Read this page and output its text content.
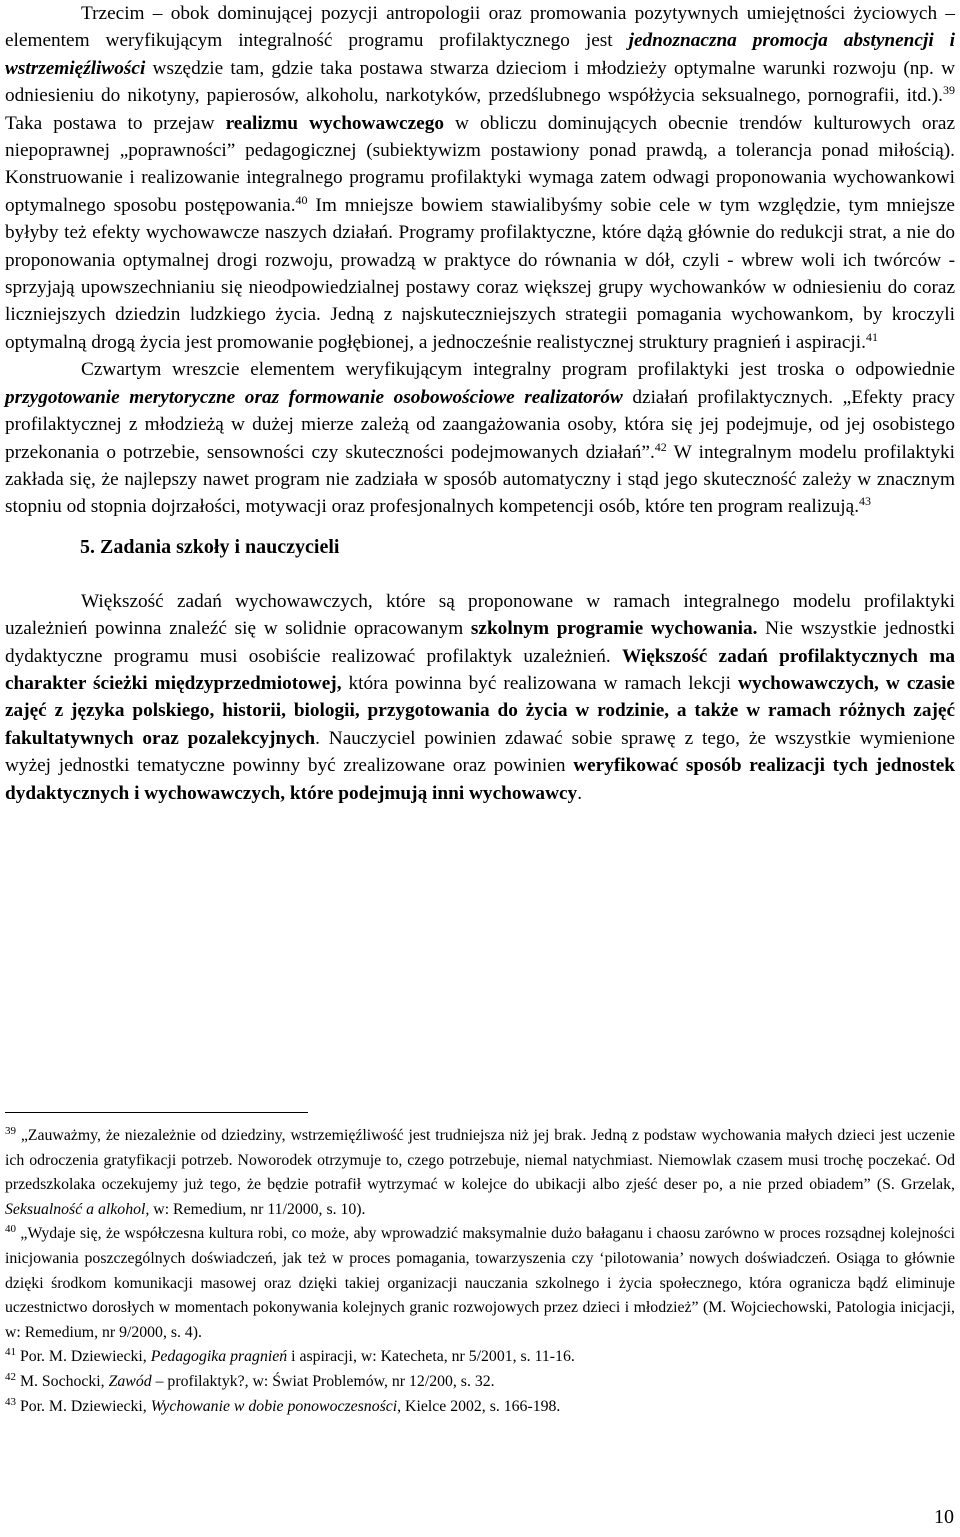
Trzecim – obok dominującej pozycji antropologii oraz promowania pozytywnych umiejętności życiowych – elementem weryfikującym integralność programu profilaktycznego jest jednoznaczna promocja abstynencji i wstrzemięźliwości wszędzie tam, gdzie taka postawa stwarza dzieciom i młodzieży optymalne warunki rozwoju (np. w odniesieniu do nikotyny, papierosów, alkoholu, narkotyków, przedślubnego współżycia seksualnego, pornografii, itd.).$^{39}$ Taka postawa to przejaw realizmu wychowawczego w obliczu dominujących obecnie trendów kulturowych oraz niepoprawnej „poprawności” pedagogicznej (subiektywizm postawiony ponad prawdą, a tolerancja ponad miłością). Konstruowanie i realizowanie integralnego programu profilaktyki wymaga zatem odwagi proponowania wychowankowi optymalnego sposobu postępowania.$^{40}$ Im mniejsze bowiem stawialibyśmy sobie cele w tym względzie, tym mniejsze byłyby też efekty wychowawcze naszych działań. Programy profilaktyczne, które dążą głównie do redukcji strat, a nie do proponowania optymalnej drogi rozwoju, prowadzą w praktyce do równania w dół, czyli - wbrew woli ich twórców - sprzyjają upowszechnianiu się nieodpowiedzialnej postawy coraz większej grupy wychowanków w odniesieniu do coraz liczniejszych dziedzin ludzkiego życia. Jedną z najskuteczniejszych strategii pomagania wychowankom, by kroczyli optymalną drogą życia jest promowanie pogłębionej, a jednocześnie realistycznej struktury pragnień i aspiracji.$^{41}$

Czwartym wreszcie elementem weryfikującym integralny program profilaktyki jest troska o odpowiednie przygotowanie merytoryczne oraz formowanie osobowościowe realizatorów działań profilaktycznych. „Efekty pracy profilaktycznej z młodzieżą w dużej mierze zależą od zaangażowania osoby, która się jej podejmuje, od jej osobistego przekonania o potrzebie, sensowności czy skuteczności podejmowanych działań”.$^{42}$ W integralnym modelu profilaktyki zakłada się, że najlepszy nawet program nie zadziała w sposób automatyczny i stąd jego skuteczność zależy w znacznym stopniu od stopnia dojrzałości, motywacji oraz profesjonalnych kompetencji osób, które ten program realizują.$^{43}$

5. Zadania szkoły i nauczycieli

Większość zadań wychowawczych, które są proponowane w ramach integralnego modelu profilaktyki uzależnień powinna znaleźć się w solidnie opracowanym szkolnym programie wychowania. Nie wszystkie jednostki dydaktyczne programu musi osobiście realizować profilaktyk uzależnień. Większość zadań profilaktycznych ma charakter ścieżki międzyprzedmiotowej, która powinna być realizowana w ramach lekcji wychowawczych, w czasie zajęć z języka polskiego, historii, biologii, przygotowania do życia w rodzinie, a także w ramach różnych zajęć fakultatywnych oraz pozalekcyjnych. Nauczyciel powinien zdawać sobie sprawę z tego, że wszystkie wymienione wyżej jednostki tematyczne powinny być zrealizowane oraz powinien weryfikować sposób realizacji tych jednostek dydaktycznych i wychowawczych, które podejmują inni wychowawcy.

$^{39}$ „Zauważmy, że niezależnie od dziedziny, wstrzemięźliwość jest trudniejsza niż jej brak. Jedną z podstaw wychowania małych dzieci jest uczenie ich odroczenia gratyfikacji potrzeb. Noworodek otrzymuje to, czego potrzebuje, niemal natychmiast. Niemowlak czasem musi trochę poczekać. Od przedszkolaka oczekujemy już tego, że będzie potrafił wytrzymać w kolejce do ubikacji albo zjeść deser po, a nie przed obiadem” (S. Grzelak, Seksualność a alkohol, w: Remedium, nr 11/2000, s. 10).

$^{40}$ „Wydaje się, że współczesna kultura robi, co może, aby wprowadzić maksymalnie dużo bałaganu i chaosu zarówno w proces rozsądnej kolejności inicjowania poszczególnych doświadczeń, jak też w proces pomagania, towarzyszenia czy ‘pilotowania’ nowych doświadczeń. Osiąga to głównie dzięki środkom komunikacji masowej oraz dzięki takiej organizacji nauczania szkolnego i życia społecznego, która ogranicza bądź eliminuje uczestnictwo dorosłych w momentach pokonywania kolejnych granic rozwojowych przez dzieci i młodzież” (M. Wojciechowski, Patologia inicjacji, w: Remedium, nr 9/2000, s. 4).

$^{41}$ Por. M. Dziewiecki, Pedagogika pragnień i aspiracji, w: Katecheta, nr 5/2001, s. 11-16.

$^{42}$ M. Sochocki, Zawód – profilaktyk?, w: Świat Problemów, nr 12/200, s. 32.

$^{43}$ Por. M. Dziewiecki, Wychowanie w dobie ponowoczesności, Kielce 2002, s. 166-198.

10
